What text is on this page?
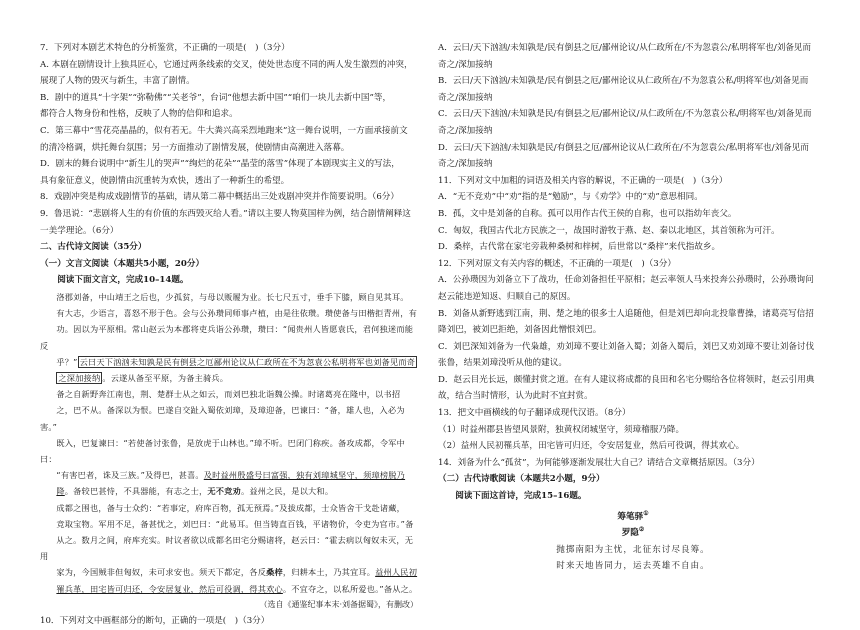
7．下列对本剧艺术特色的分析鉴赏，不正确的一项是(　)（3分）

A. 本剧在剧情设计上独具匠心，它通过两条线索的交叉，使处世态度不同的两人发生激烈的冲突，

展现了人物的毁灭与新生，丰富了剧情。

B．剧中的道具“十字架”“弥勒佛”“关老爷”，台词“他想去新中国”“咱们一块儿去新中国”等，

都符合人物身份和性格，反映了人物的信仰和追求。

C．第三幕中“雪花亮晶晶的，似有若无。牛大粪兴高采烈地跑来”这一舞台说明，一方面承接前文

的清冷格调，烘托舞台氛围；另一方面推动了剧情发展，使剧情由高潮进入落幕。

D．剧末的舞台说明中“新生儿的哭声”“绚烂的花朵”“晶莹的落雪”体现了本剧现实主义的写法，

具有象征意义，使剧情由沉重转为欢快，透出了一种新生的希望。

8．戏剧冲突是构成戏剧情节的基础，请从第二幕中概括出三处戏剧冲突并作简要说明。（6分）

9．鲁迅说：“悲剧将人生的有价值的东西毁灭给人看。”请以主要人物莫国梓为例，结合剧情阐释这

一美学理论。（6分）

二、古代诗文阅读（35分）

（一）文言文阅读（本题共5小题，20分）

阅读下面文言文，完成10–14题。

洛郡刘备，中山靖王之后也，少孤贫，与母以贩履为业。长七尺五寸，垂手下膝，顾自见其耳。

有大志，少语言，喜怒不形于色。会与公孙瓒同师事卢植，由是往依瓒。瓒使备与田楷拒青州，有

功。因以为平原相。常山赵云为本郡将吏兵诣公孙瓒，瓒曰：“闻贵州人皆愿袁氏，君何独迷而能反

乎？” 云曰天下汹汹未知孰是民有倒县之厄鄙州论议从仁政所在不为忽袁公私明将军也刘备见而奇

之深加接纳 。云遂从备至平原，为备主骑兵。

备之自新野奔江南也，荆、楚群士从之如云，而刘巴独北诣魏公操。时诸葛亮在隆中，以书招

之，巴不从。备深以为恨。巴遂自交趾入蜀依刘璋，及璋迎备，巴谏曰：“备，雄人也，入必为害。”

既入，巴复谏曰：“若使备讨张鲁，是放虎于山林也。”璋不听。巴闭门称疾。备攻成都，令军中曰：

“有害巴者，诛及三族。”及得巴，甚喜。及时益州殷盛号曰富强，独有刘璋城坚守，须璋榜脱乃

降。备较巴甚恃，不具器能，有志之士，无不竞劝。益州之民，是以大和。

成都之围也，备与士众约：“若事定，府库百物，孤无预焉。”及拔成都，士众皆舍干戈赴诸藏，

竞取宝物。军用不足，备甚忧之，刘巴曰：“此易耳。但当铸直百钱，平诸物价，令吏为官市。”备

从之。数月之间，府库充实。时议者欲以成都名田宅分赐诸将，赵云曰：“霍去病以匈奴未灭，无用

家为，今国贼非但匈奴，未可求安也。须天下都定，各反桑梓，归耕本土，乃其宜耳。益州人民初

罹兵革，田宅皆可归还，令安居复业，然后可役调，得其欢心。不宜夺之，以私所爱也。”备从之。

（选自《通鉴纪事本末·刘备据蜀》，有删改）

10．下列对文中画框部分的断句，正确的一项是(　)（3分）

A．云曰/天下汹汹/未知孰是/民有倒县之厄/鄙州论议/从仁政所在/不为忽袁公/私明将军也/刘备见而

奇之/深加接纳

B．云曰/天下汹汹/未知孰是/民有倒县之厄/鄙州论议从仁政所在/不为忽袁公私/明将军也/刘备见而

奇之/深加接纳

C．云曰/天下汹汹/未知孰是民/有倒县之厄/鄙州论议/从仁政所在/不为忽袁公私/明将军也/刘备见而

奇之/深加接纳

D．云曰/天下汹汹/未知孰是民/有倒县之厄/鄙州论议从仁政所在/不为忽袁公/私明将军也/刘备见而

奇之/深加接纳

11．下列对文中加粗的词语及相关内容的解说，不正确的一项是(　)（3分）

A．“无不竞劝”中“劝”指的是“勉励”，与《劝学》中的“劝”意思相同。

B．孤，文中是刘备的自称。孤可以用作古代王侯的自称，也可以指幼年丧父。

C．匈奴，我国古代北方民族之一，战国时游牧于燕、赵、秦以北地区，其首领称为可汗。

D．桑梓，古代常在家宅旁栽种桑树和梓树，后世常以“桑梓”来代指故乡。

12．下列对原文有关内容的概述，不正确的一项是(　)（3分）

A．公孙瓒因为刘备立下了战功，任命刘备担任平原相；赵云率领人马来投奔公孙瓒时，公孙瓒询问

赵云能违逆知返、归顺自己的原因。

B．刘备从新野逃到江南，荆、楚之地的很多士人追随他，但是刘巴却向北投靠曹操，诸葛亮写信招

降刘巴，被刘巴拒绝，刘备因此憎恨刘巴。

C．刘巴深知刘备为一代枭雄，劝刘璋不要让刘备入蜀；刘备入蜀后，刘巴又劝刘璋不要让刘备讨伐

张鲁，结果刘璋没听从他的建议。

D．赵云目光长远，颇懂封赏之道。在有人建议将成都的良田和名宅分赐给各位将领时，赵云引用典

故，结合当时情形，认为此时不宜封赏。

13．把文中画横线的句子翻译成现代汉语。（8分）

（1）时益州郡县皆望风景附，独黄权闭城坚守，须璋稽服乃降。

（2）益州人民初罹兵革，田宅皆可归还，令安居复业，然后可役调，得其欢心。

14．刘备为什么“孤贫”，为何能够逐渐发展壮大自己？请结合文章概括原因。（3分）

（二）古代诗歌阅读（本题共2小题，9分）

阅读下面这首诗，完成15–16题。

筹笔驿①

罗隐②

抛掷南阳为主忧，北征东讨尽良筹。

时来天地皆同力，运去英雄不自由。
